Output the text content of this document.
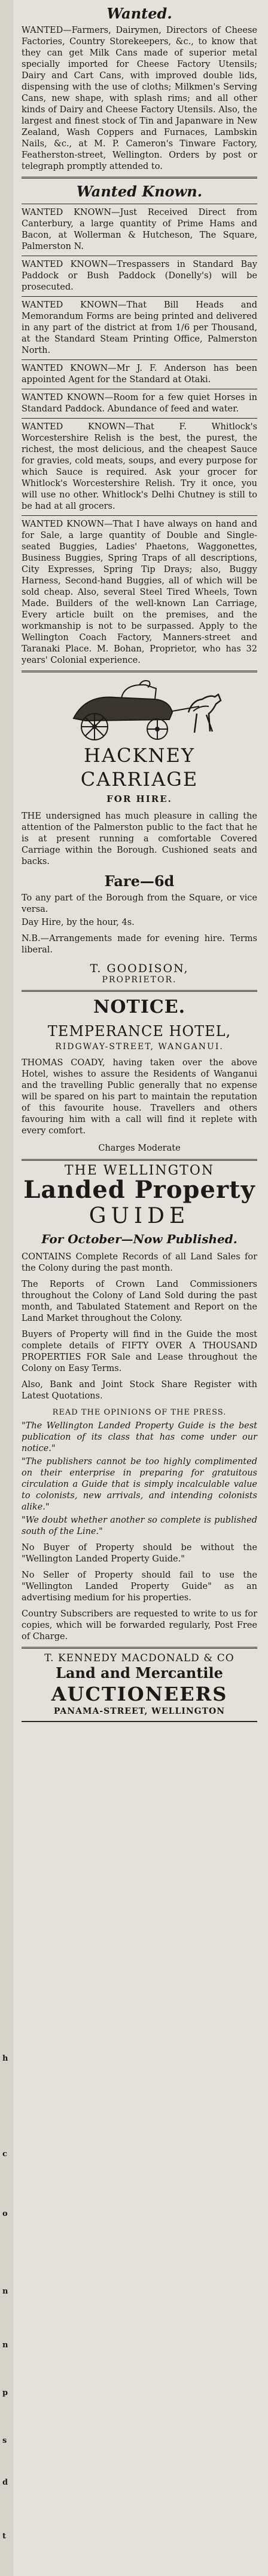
h
c
o
n
n
p
s
d
t
Wanted.

WANTED—Farmers, Dairymen, Directors of Cheese Factories, Country Storekeepers, &c., to know that they can get Milk Cans made of superior metal specially imported for Cheese Factory Utensils; Dairy and Cart Cans, with improved double lids, dispensing with the use of cloths; Milkmen's Serving Cans, new shape, with splash rims; and all other kinds of Dairy and Cheese Factory Utensils. Also, the largest and finest stock of Tin and Japanware in New Zealand, Wash Coppers and Furnaces, Lambskin Nails, &c., at M. P. Cameron's Tinware Factory, Featherston-street, Wellington. Orders by post or telegraph promptly attended to.

Wanted Known.

WANTED KNOWN—Just Received Direct from Canterbury, a large quantity of Prime Hams and Bacon, at Wollerman & Hutcheson, The Square, Palmerston N.

WANTED KNOWN—Trespassers in Standard Bay Paddock or Bush Paddock (Donelly's) will be prosecuted.

WANTED KNOWN—That Bill Heads and Memorandum Forms are being printed and delivered in any part of the district at from 1/6 per Thousand, at the Standard Steam Printing Office, Palmerston North.

WANTED KNOWN—Mr J. F. Anderson has been appointed Agent for the Standard at Otaki.

WANTED KNOWN—Room for a few quiet Horses in Standard Paddock. Abundance of feed and water.

WANTED KNOWN—That F. Whitlock's Worcestershire Relish is the best, the purest, the richest, the most delicious, and the cheapest Sauce for gravies, cold meats, soups, and every purpose for which Sauce is required. Ask your grocer for Whitlock's Worcestershire Relish. Try it once, you will use no other. Whitlock's Delhi Chutney is still to be had at all grocers.

WANTED KNOWN—That I have always on hand and for Sale, a large quantity of Double and Single-seated Buggies, Ladies' Phaetons, Waggonettes, Business Buggies, Spring Traps of all descriptions, City Expresses, Spring Tip Drays; also, Buggy Harness, Second-hand Buggies, all of which will be sold cheap. Also, several Steel Tired Wheels, Town Made. Builders of the well-known Lan Carriage, Every article built on the premises, and the workmanship is not to be surpassed. Apply to the Wellington Coach Factory, Manners-street and Taranaki Place. M. Bohan, Proprietor, who has 32 years' Colonial experience.

HACKNEY CARRIAGE
FOR HIRE.

THE undersigned has much pleasure in calling the attention of the Palmerston public to the fact that he is at present running a comfortable Covered Carriage within the Borough. Cushioned seats and backs.

Fare—6d

To any part of the Borough from the Square, or vice versa.

Day Hire, by the hour, 4s.

N.B.—Arrangements made for evening hire. Terms liberal.

T. GOODISON,
PROPRIETOR.
NOTICE.
TEMPERANCE HOTEL,
RIDGWAY-STREET, WANGANUI.

THOMAS COADY, having taken over the above Hotel, wishes to assure the Residents of Wanganui and the travelling Public generally that no expense will be spared on his part to maintain the reputation of this favourite house. Travellers and others favouring him with a call will find it replete with every comfort.

Charges Moderate
THE WELLINGTON
Landed Property
GUIDE
For October—Now Published.

CONTAINS Complete Records of all Land Sales for the Colony during the past month.

The Reports of Crown Land Commissioners throughout the Colony of Land Sold during the past month, and Tabulated Statement and Report on the Land Market throughout the Colony.

Buyers of Property will find in the Guide the most complete details of FIFTY OVER A THOUSAND PROPERTIES FOR Sale and Lease throughout the Colony on Easy Terms.

Also, Bank and Joint Stock Share Register with Latest Quotations.

READ THE OPINIONS OF THE PRESS.

"The Wellington Landed Property Guide is the best publication of its class that has come under our notice."

"The publishers cannot be too highly complimented on their enterprise in preparing for gratuitous circulation a Guide that is simply incalculable value to colonists, new arrivals, and intending colonists alike."

"We doubt whether another so complete is published south of the Line."

No Buyer of Property should be without the "Wellington Landed Property Guide."

No Seller of Property should fail to use the "Wellington Landed Property Guide" as an advertising medium for his properties.

Country Subscribers are requested to write to us for copies, which will be forwarded regularly, Post Free of Charge.

T. KENNEDY MACDONALD & CO
Land and Mercantile
AUCTIONEERS
PANAMA-STREET, WELLINGTON
